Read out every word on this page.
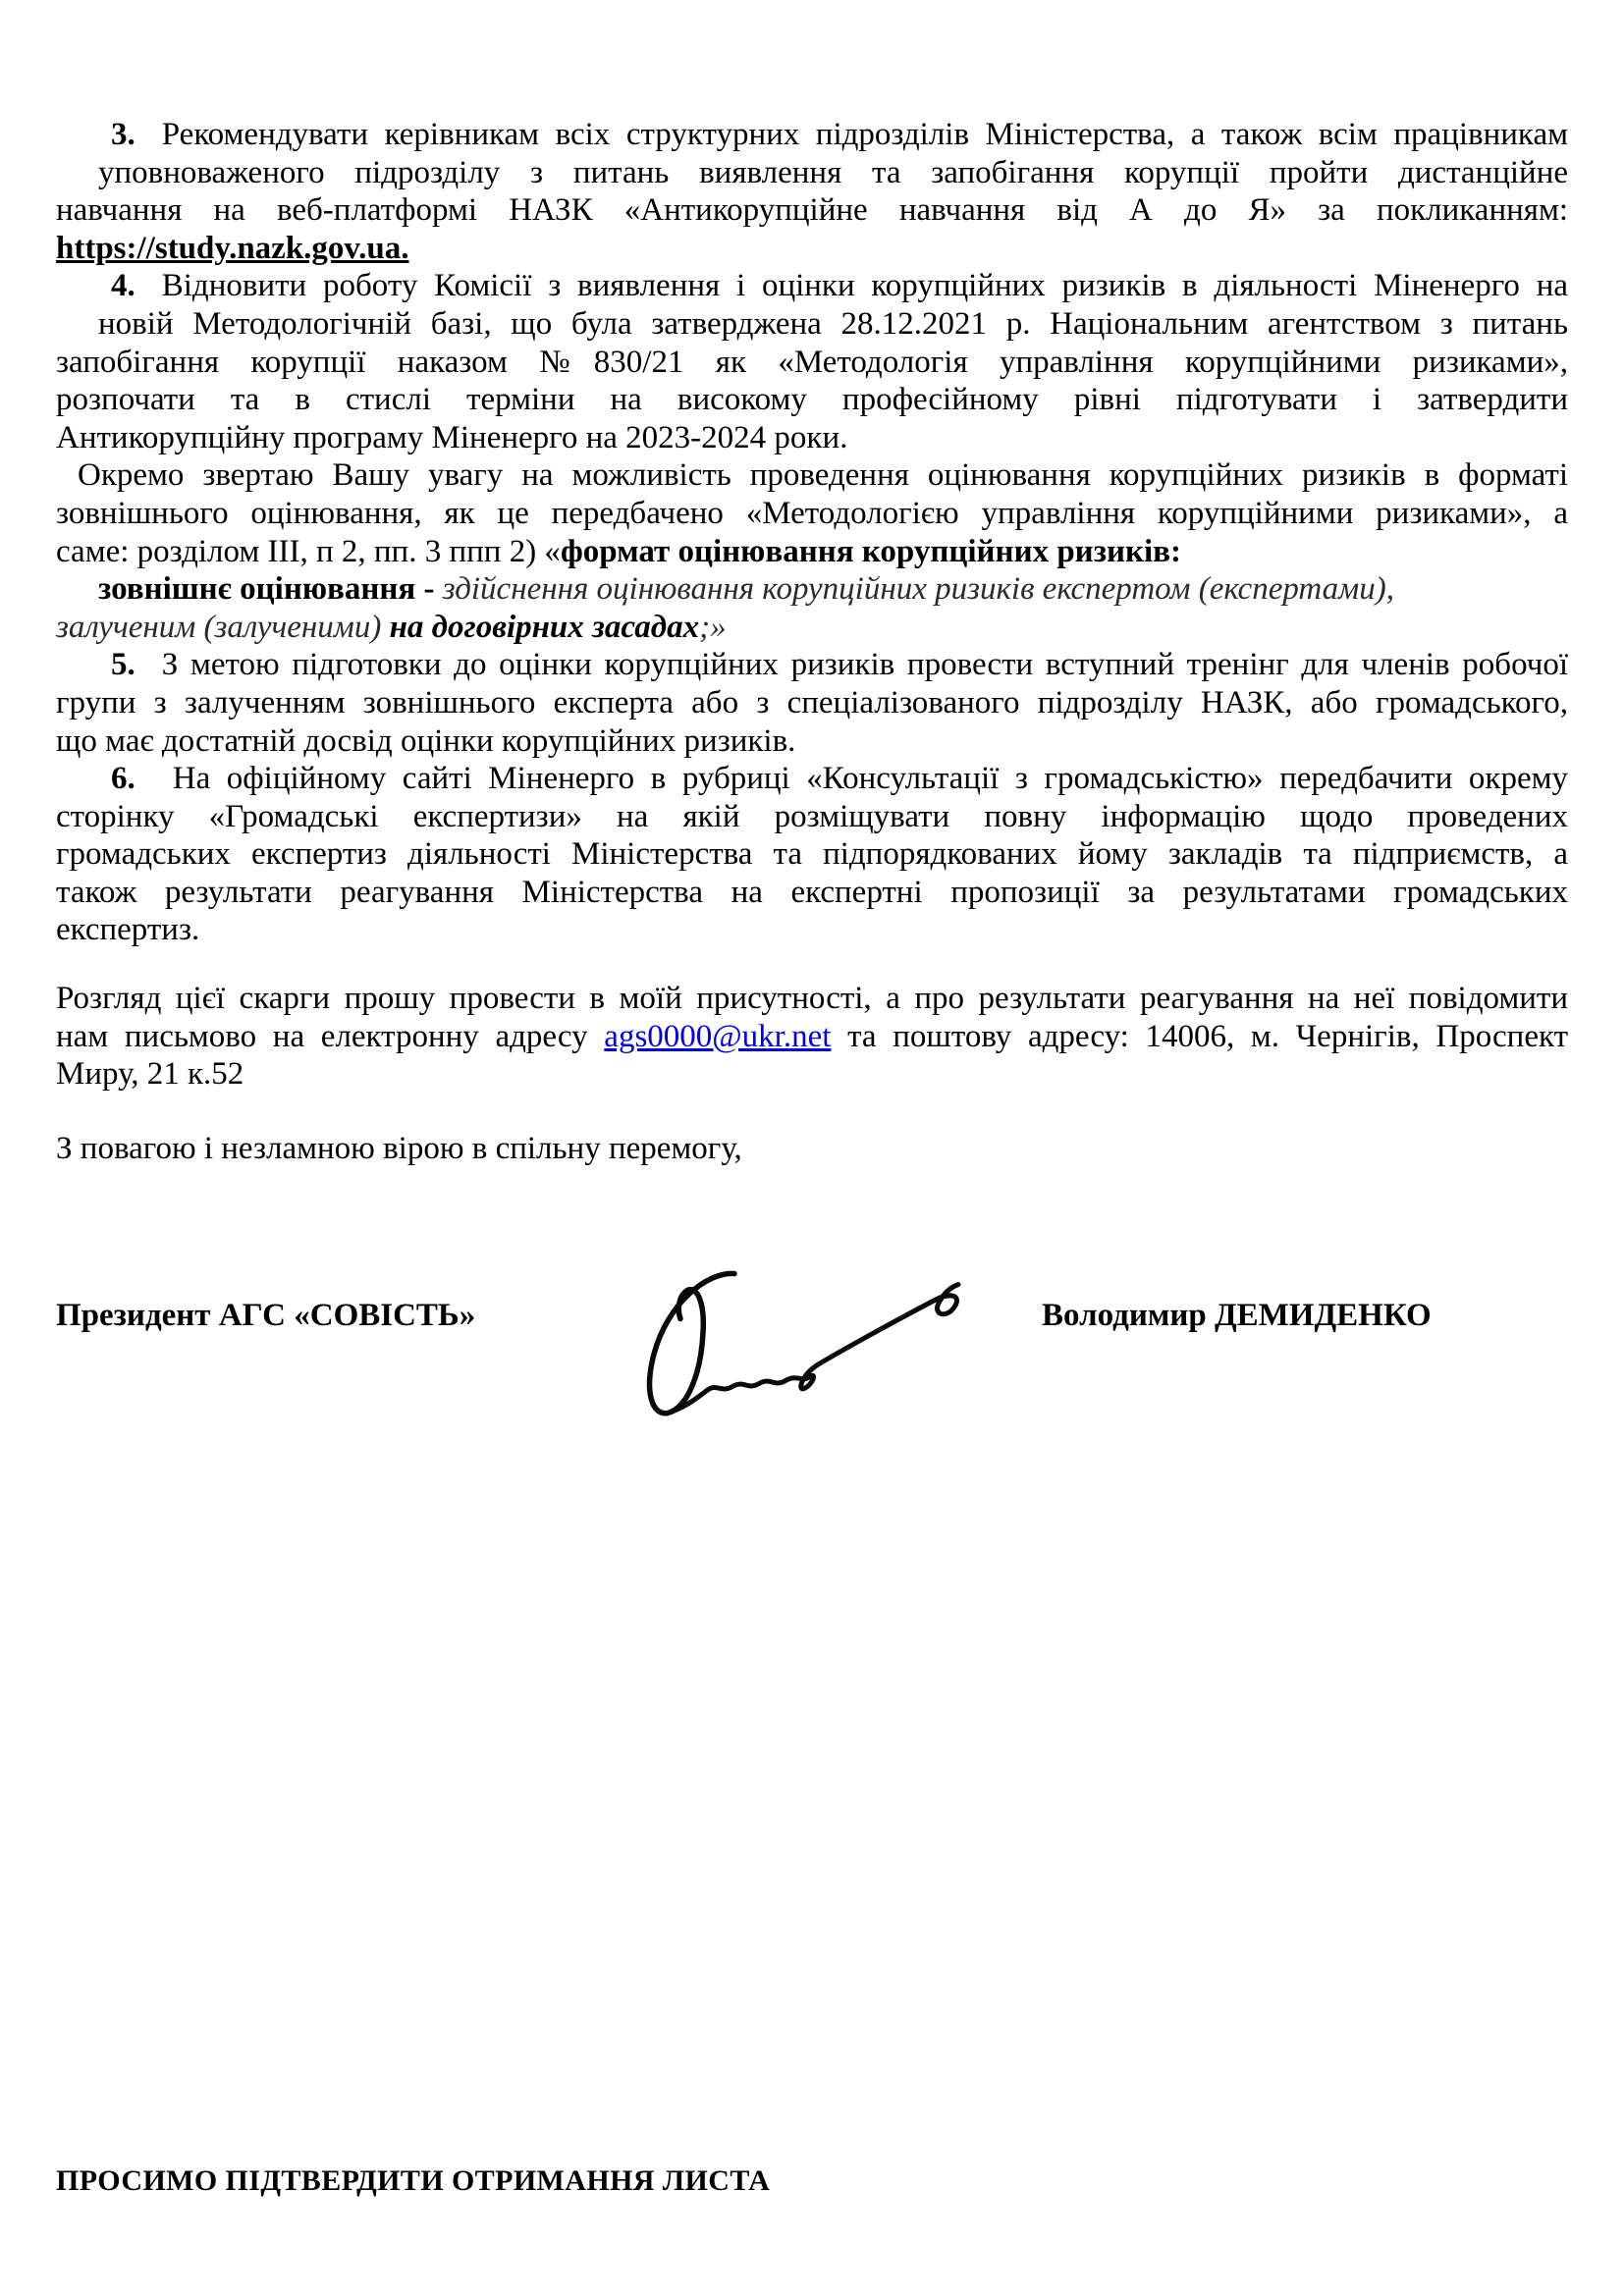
3. Рекомендувати керівникам всіх структурних підрозділів Міністерства, а також всім працівникам
уповноваженого підрозділу з питань виявлення та запобігання корупції пройти дистанційне
навчання на веб-платформі НАЗК «Антикорупційне навчання від А до Я» за покликанням:
https://study.nazk.gov.ua.
4. Відновити роботу Комісії з виявлення і оцінки корупційних ризиків в діяльності Міненерго на
новій Методологічній базі, що була затверджена 28.12.2021 р. Національним агентством з питань
запобігання корупції наказом №830/21 як «Методологія управління корупційними ризиками»,
розпочати та в стислі терміни на високому професійному рівні підготувати і затвердити
Антикорупційну програму Міненерго на 2023-2024 роки.
Окремо звертаю Вашу увагу на можливість проведення оцінювання корупційних ризиків в форматі
зовнішнього оцінювання, як це передбачено «Методологією управління корупційними ризиками», а
саме: розділом ІІІ, п 2, пп. 3 ппп 2) «формат оцінювання корупційних ризиків:
зовнішнє оцінювання - здійснення оцінювання корупційних ризиків експертом (експертами),
залученим (залученими) на договірних засадах;»
5. З метою підготовки до оцінки корупційних ризиків провести вступний тренінг для членів робочої
групи з залученням зовнішнього експерта або з спеціалізованого підрозділу НАЗК, або громадського,
що має достатній досвід оцінки корупційних ризиків.
6. На офіційному сайті Міненерго в рубриці «Консультації з громадськістю» передбачити окрему
сторінку «Громадські експертизи» на якій розміщувати повну інформацію щодо проведених
громадських експертиз діяльності Міністерства та підпорядкованих йому закладів та підприємств, а
також результати реагування Міністерства на експертні пропозиції за результатами громадських
експертиз.
Розгляд цієї скарги прошу провести в моїй присутності, а про результати реагування на неї повідомити
нам письмово на електронну адресу ags0000@ukr.net та поштову адресу: 14006, м. Чернігів, Проспект
Миру, 21 к.52
З повагою і незламною вірою в спільну перемогу,
Президент АГС «СОВІСТЬ»	Володимир ДЕМИДЕНКО
ПРОСИМО ПІДТВЕРДИТИ ОТРИМАННЯ ЛИСТА
